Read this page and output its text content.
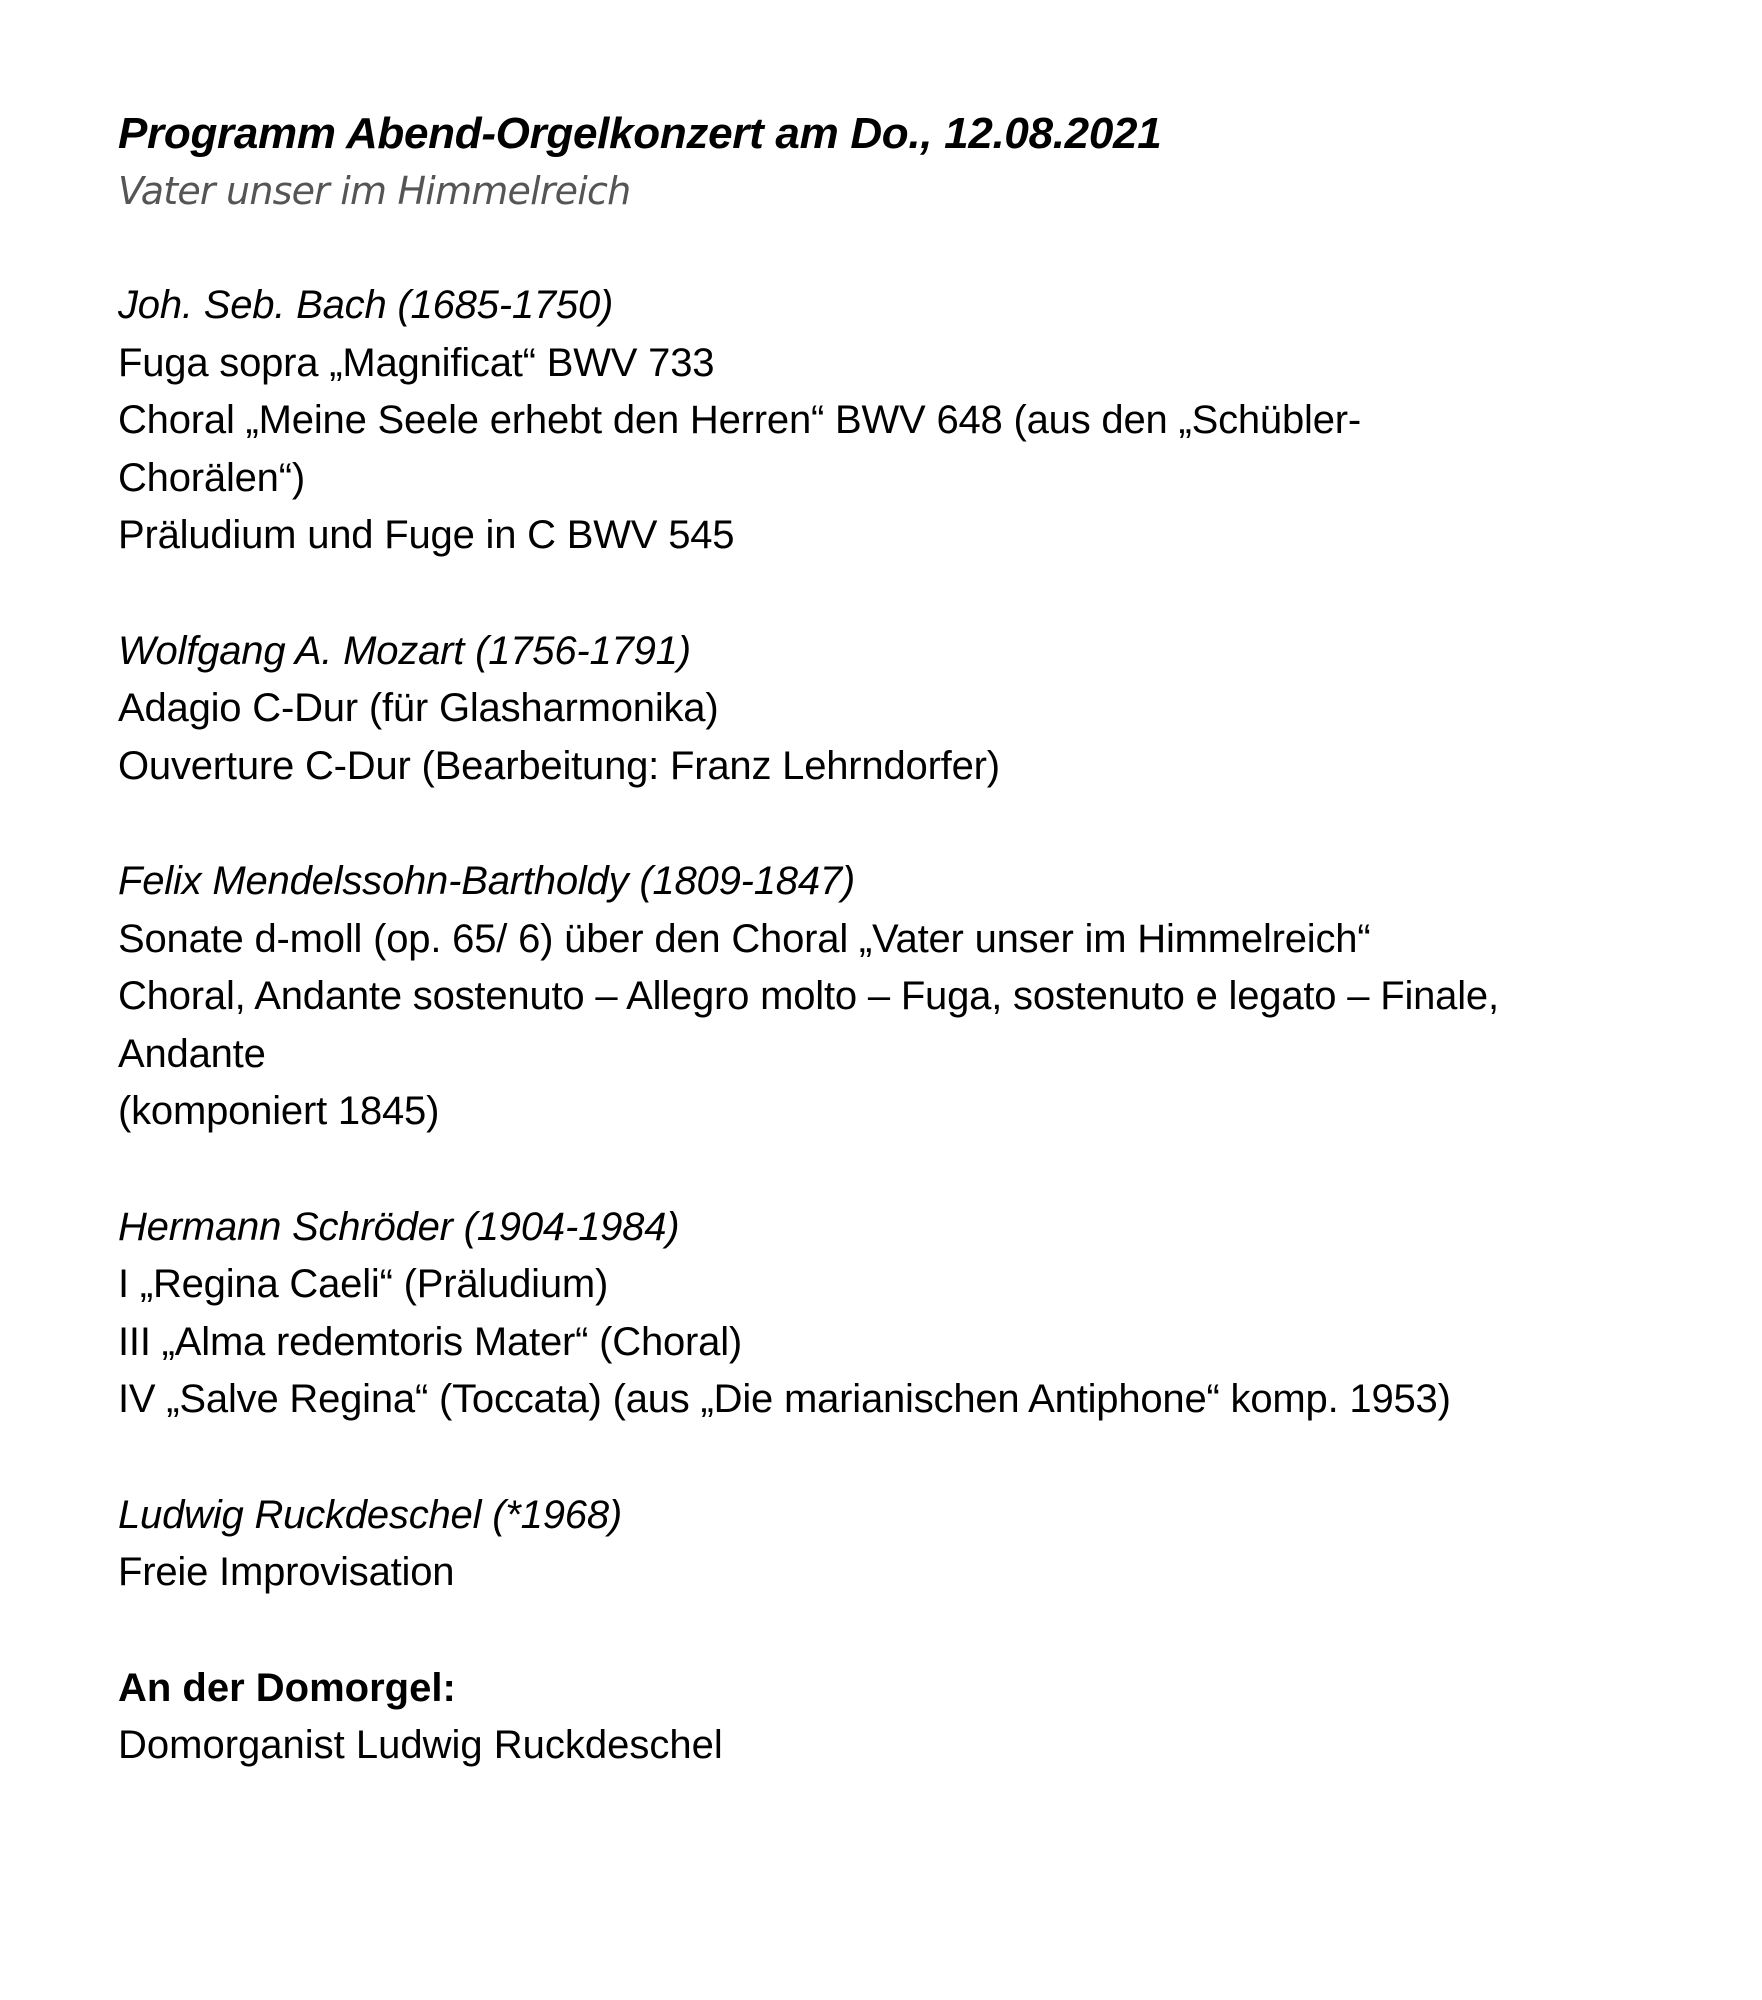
Programm Abend-Orgelkonzert am Do., 12.08.2021

Vater unser im Himmelreich

Joh. Seb. Bach (1685-1750)

Fuga sopra „Magnificat“ BWV 733

Choral „Meine Seele erhebt den Herren“ BWV 648 (aus den „Schübler-

Chorälen“)

Präludium und Fuge in C BWV 545

Wolfgang A. Mozart (1756-1791)

Adagio C-Dur (für Glasharmonika)

Ouverture C-Dur (Bearbeitung: Franz Lehrndorfer)

Felix Mendelssohn-Bartholdy (1809-1847)

Sonate d-moll (op. 65/ 6) über den Choral „Vater unser im Himmelreich“

Choral, Andante sostenuto – Allegro molto – Fuga, sostenuto e legato – Finale,

Andante

(komponiert 1845)

Hermann Schröder (1904-1984)

I „Regina Caeli“ (Präludium)

III „Alma redemtoris Mater“ (Choral)

IV „Salve Regina“ (Toccata) (aus „Die marianischen Antiphone“ komp. 1953)

Ludwig Ruckdeschel (*1968)

Freie Improvisation

An der Domorgel:

Domorganist Ludwig Ruckdeschel
